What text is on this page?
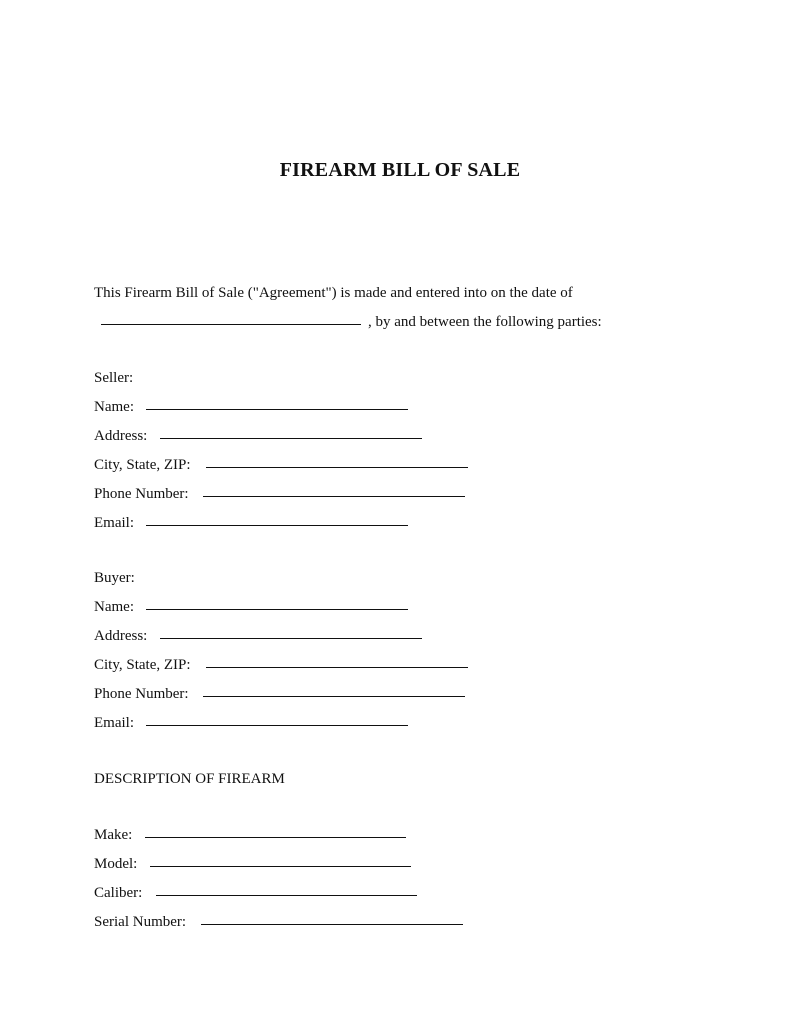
FIREARM BILL OF SALE
This Firearm Bill of Sale ("Agreement") is made and entered into on the date of
, by and between the following parties:
Seller:
Name:
Address:
City, State, ZIP:
Phone Number:
Email:
Buyer:
Name:
Address:
City, State, ZIP:
Phone Number:
Email:
DESCRIPTION OF FIREARM
Make:
Model:
Caliber:
Serial Number:
